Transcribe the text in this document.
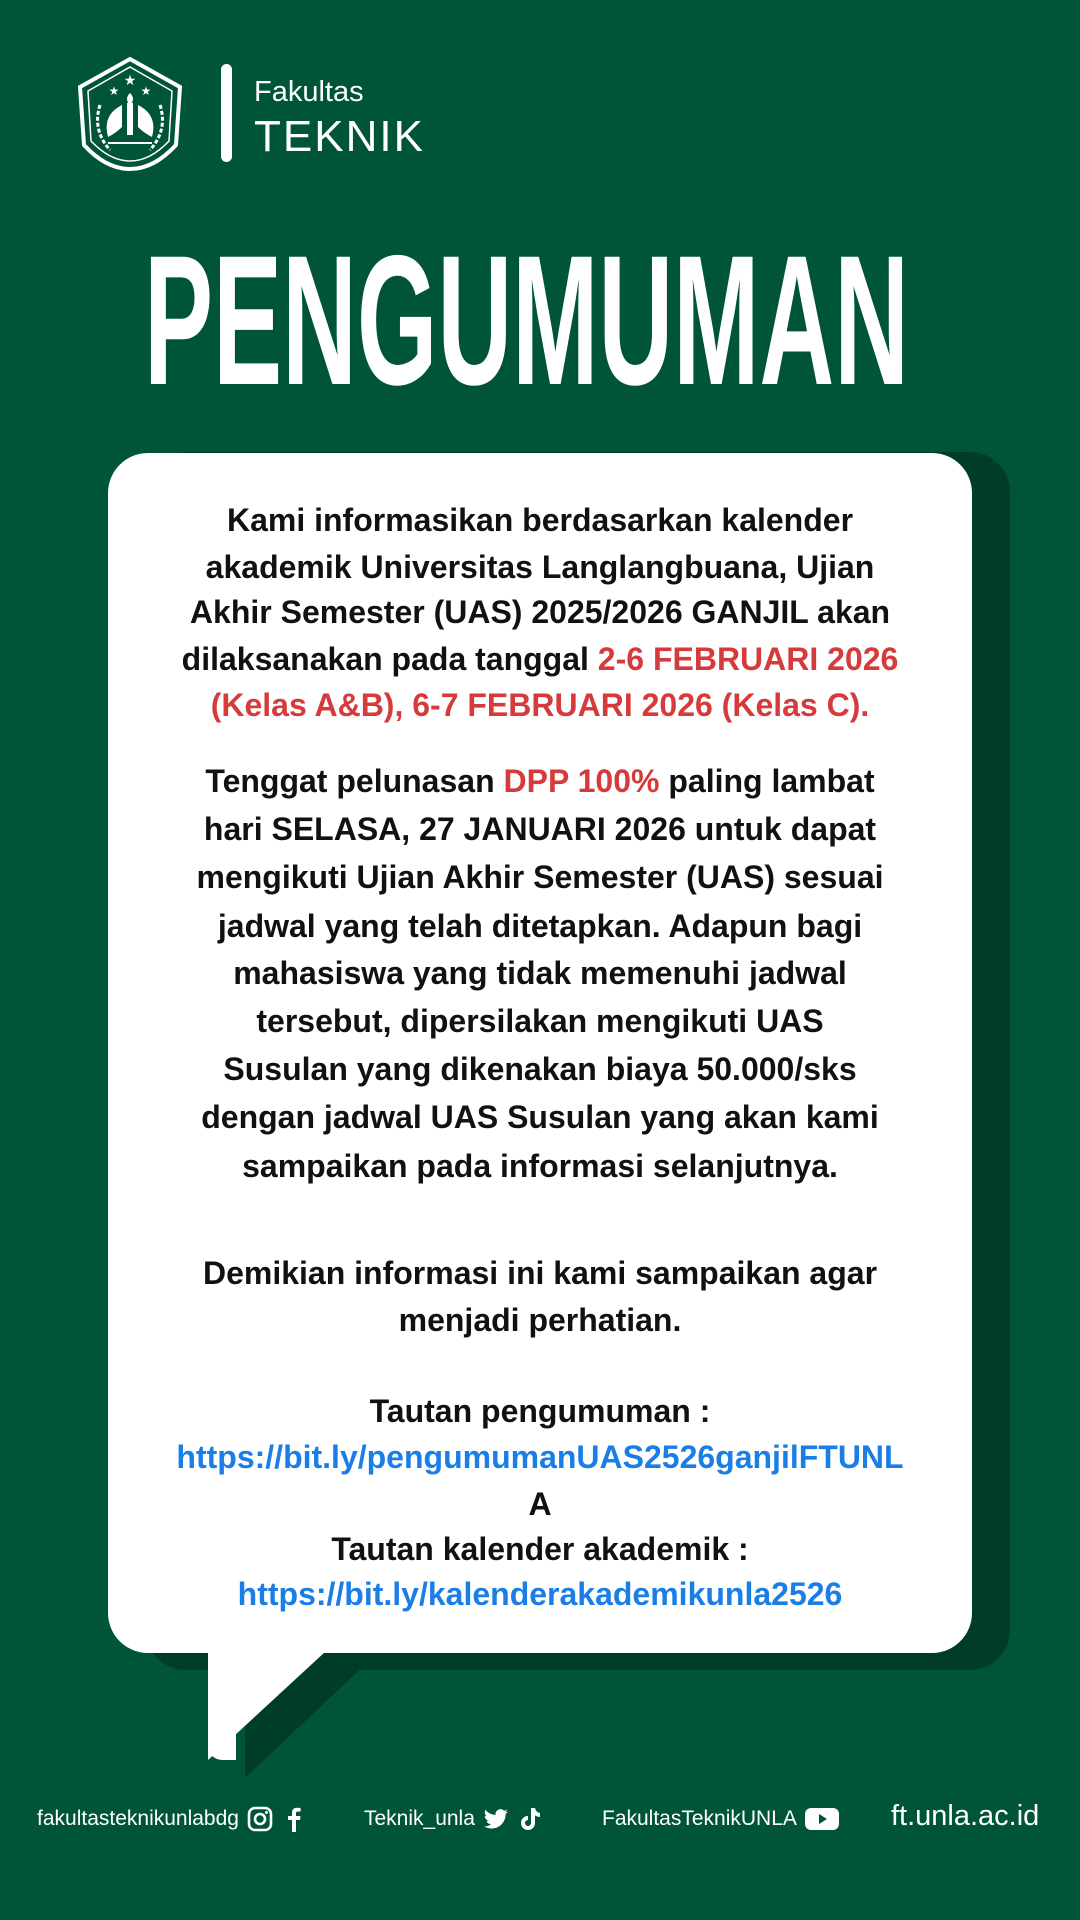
★
★ ★	Fakultas
TEKNIK
PENGUMUMAN
Kami informasikan berdasarkan kalender
akademik Universitas Langlangbuana, Ujian
Akhir Semester (UAS) 2025/2026 GANJIL akan
dilaksanakan pada tanggal 2-6 FEBRUARI 2026
(Kelas A&B), 6-7 FEBRUARI 2026 (Kelas C).
Tenggat pelunasan DPP 100% paling lambat
hari SELASA, 27 JANUARI 2026 untuk dapat
mengikuti Ujian Akhir Semester (UAS) sesuai
jadwal yang telah ditetapkan. Adapun bagi
mahasiswa yang tidak memenuhi jadwal
tersebut, dipersilakan mengikuti UAS
Susulan yang dikenakan biaya 50.000/sks
dengan jadwal UAS Susulan yang akan kami
sampaikan pada informasi selanjutnya.
Demikian informasi ini kami sampaikan agar
menjadi perhatian.
Tautan pengumuman :
https://bit.ly/pengumumanUAS2526ganjilFTUNL
A
Tautan kalender akademik :
https://bit.ly/kalenderakademikunla2526
fakultasteknikunlabdg	Teknik_unla	FakultasTeknikUNLA	ft.unla.ac.id
